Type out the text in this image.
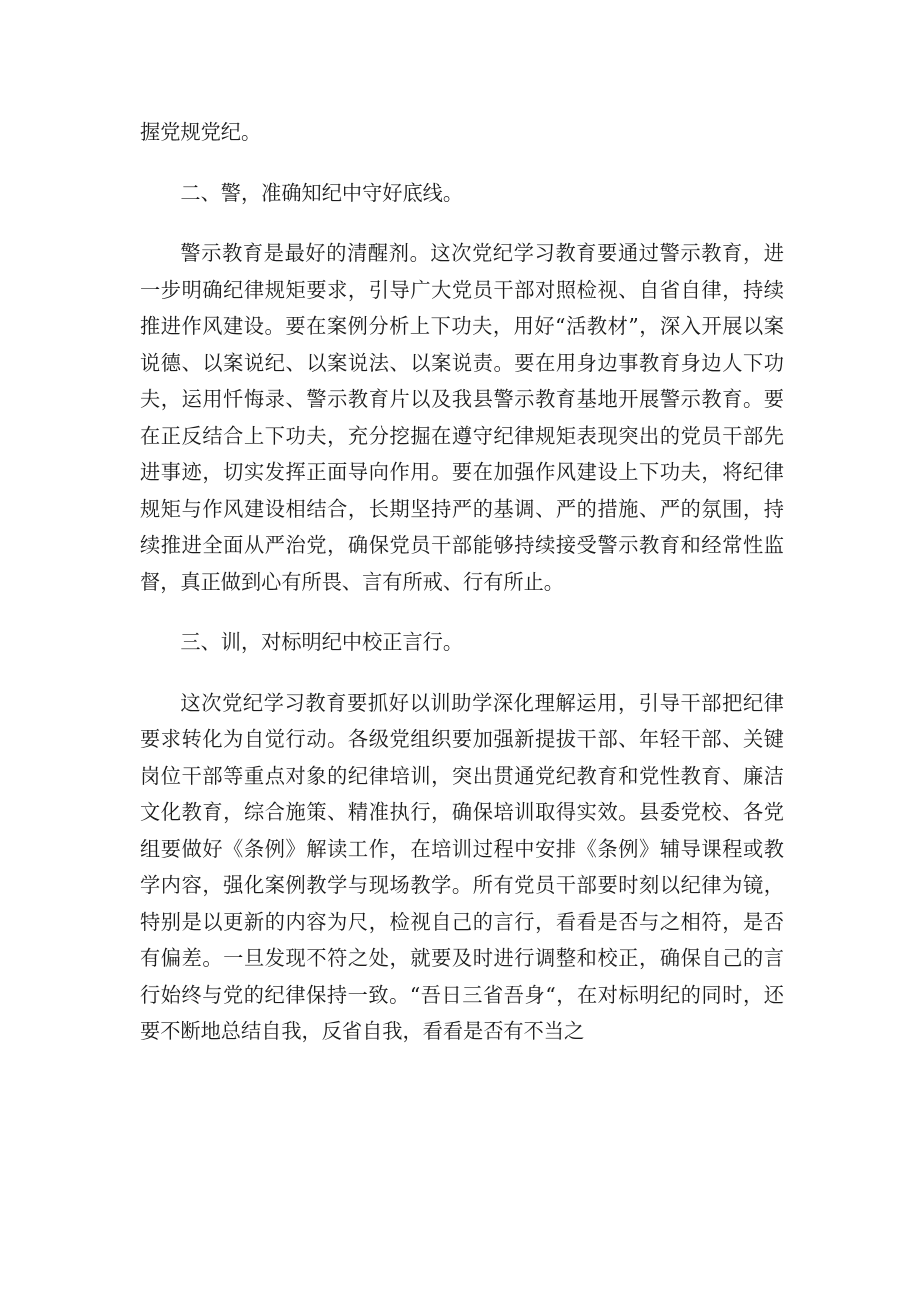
握党规党纪。

二、警，准确知纪中守好底线。

警示教育是最好的清醒剂。这次党纪学习教育要通过警示教育，进一步明确纪律规矩要求，引导广大党员干部对照检视、自省自律，持续推进作风建设。要在案例分析上下功夫，用好“活教材”，深入开展以案说德、以案说纪、以案说法、以案说责。要在用身边事教育身边人下功夫，运用忏悔录、警示教育片以及我县警示教育基地开展警示教育。要在正反结合上下功夫，充分挖掘在遵守纪律规矩表现突出的党员干部先进事迹，切实发挥正面导向作用。要在加强作风建设上下功夫，将纪律规矩与作风建设相结合，长期坚持严的基调、严的措施、严的氛围，持续推进全面从严治党，确保党员干部能够持续接受警示教育和经常性监督，真正做到心有所畏、言有所戒、行有所止。

三、训，对标明纪中校正言行。

这次党纪学习教育要抓好以训助学深化理解运用，引导干部把纪律要求转化为自觉行动。各级党组织要加强新提拔干部、年轻干部、关键岗位干部等重点对象的纪律培训，突出贯通党纪教育和党性教育、廉洁文化教育，综合施策、精准执行，确保培训取得实效。县委党校、各党组要做好《条例》解读工作，在培训过程中安排《条例》辅导课程或教学内容，强化案例教学与现场教学。所有党员干部要时刻以纪律为镜，特别是以更新的内容为尺，检视自己的言行，看看是否与之相符，是否有偏差。一旦发现不符之处，就要及时进行调整和校正，确保自己的言行始终与党的纪律保持一致。“吾日三省吾身“，在对标明纪的同时，还要不断地总结自我，反省自我，看看是否有不当之
